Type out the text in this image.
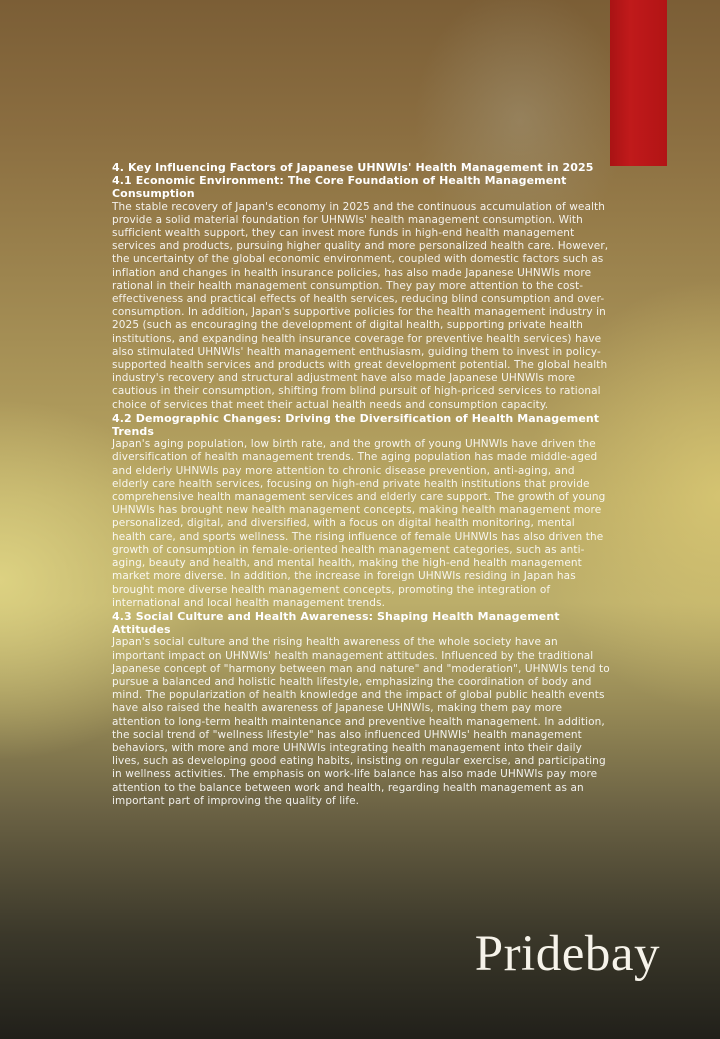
4. Key Influencing Factors of Japanese UHNWIs' Health Management in 2025
4.1 Economic Environment: The Core Foundation of Health Management Consumption

The stable recovery of Japan's economy in 2025 and the continuous accumulation of wealth provide a solid material foundation for UHNWIs' health management consumption. With sufficient wealth support, they can invest more funds in high-end health management services and products, pursuing higher quality and more personalized health care. However, the uncertainty of the global economic environment, coupled with domestic factors such as inflation and changes in health insurance policies, has also made Japanese UHNWIs more rational in their health management consumption. They pay more attention to the cost-effectiveness and practical effects of health services, reducing blind consumption and over-consumption. In addition, Japan's supportive policies for the health management industry in 2025 (such as encouraging the development of digital health, supporting private health institutions, and expanding health insurance coverage for preventive health services) have also stimulated UHNWIs' health management enthusiasm, guiding them to invest in policy-supported health services and products with great development potential. The global health industry's recovery and structural adjustment have also made Japanese UHNWIs more cautious in their consumption, shifting from blind pursuit of high-priced services to rational choice of services that meet their actual health needs and consumption capacity.

4.2 Demographic Changes: Driving the Diversification of Health Management Trends

Japan's aging population, low birth rate, and the growth of young UHNWIs have driven the diversification of health management trends. The aging population has made middle-aged and elderly UHNWIs pay more attention to chronic disease prevention, anti-aging, and elderly care health services, focusing on high-end private health institutions that provide comprehensive health management services and elderly care support. The growth of young UHNWIs has brought new health management concepts, making health management more personalized, digital, and diversified, with a focus on digital health monitoring, mental health care, and sports wellness. The rising influence of female UHNWIs has also driven the growth of consumption in female-oriented health management categories, such as anti-aging, beauty and health, and mental health, making the high-end health management market more diverse. In addition, the increase in foreign UHNWIs residing in Japan has brought more diverse health management concepts, promoting the integration of international and local health management trends.

4.3 Social Culture and Health Awareness: Shaping Health Management Attitudes

Japan's social culture and the rising health awareness of the whole society have an important impact on UHNWIs' health management attitudes. Influenced by the traditional Japanese concept of "harmony between man and nature" and "moderation", UHNWIs tend to pursue a balanced and holistic health lifestyle, emphasizing the coordination of body and mind. The popularization of health knowledge and the impact of global public health events have also raised the health awareness of Japanese UHNWIs, making them pay more attention to long-term health maintenance and preventive health management. In addition, the social trend of "wellness lifestyle" has also influenced UHNWIs' health management behaviors, with more and more UHNWIs integrating health management into their daily lives, such as developing good eating habits, insisting on regular exercise, and participating in wellness activities. The emphasis on work-life balance has also made UHNWIs pay more attention to the balance between work and health, regarding health management as an important part of improving the quality of life.

Pridebay
